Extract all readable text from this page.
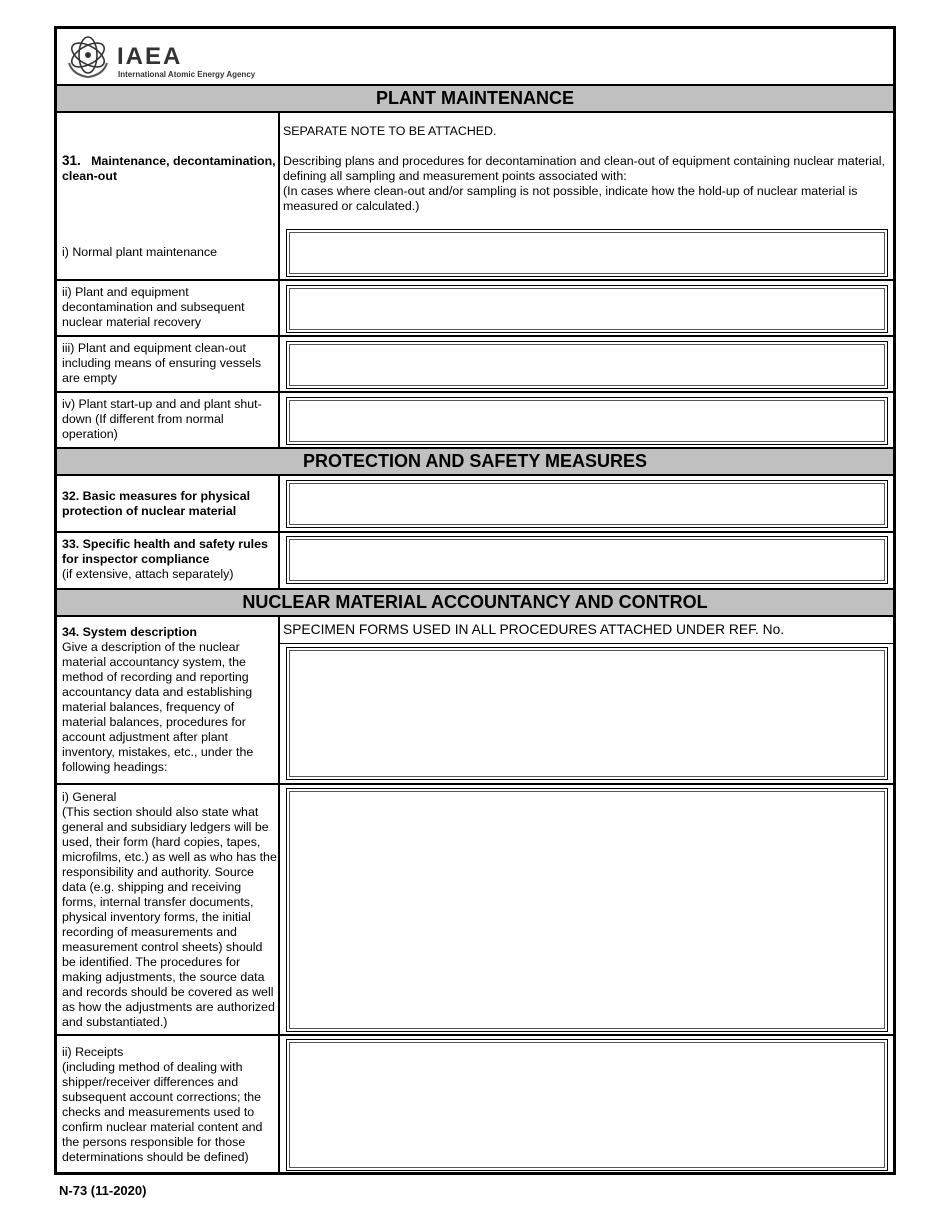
IAEA
International Atomic Energy Agency
PLANT MAINTENANCE
31. Maintenance, decontamination, clean-out
SEPARATE NOTE TO BE ATTACHED.
Describing plans and procedures for decontamination and clean-out of equipment containing nuclear material, defining all sampling and measurement points associated with:
(In cases where clean-out and/or sampling is not possible, indicate how the hold-up of nuclear material is measured or calculated.)
i) Normal plant maintenance
ii) Plant and equipment decontamination and subsequent nuclear material recovery
iii) Plant and equipment clean-out including means of ensuring vessels are empty
iv) Plant start-up and and plant shut-down (If different from normal operation)
PROTECTION AND SAFETY MEASURES
32. Basic measures for physical protection of nuclear material
33. Specific health and safety rules for inspector compliance
(if extensive, attach separately)
NUCLEAR MATERIAL ACCOUNTANCY AND CONTROL
34. System description
Give a description of the nuclear material accountancy system, the method of recording and reporting accountancy data and establishing material balances, frequency of material balances, procedures for account adjustment after plant inventory, mistakes, etc., under the following headings:
SPECIMEN FORMS USED IN ALL PROCEDURES ATTACHED UNDER REF. No.
i) General
(This section should also state what general and subsidiary ledgers will be used, their form (hard copies, tapes, microfilms, etc.) as well as who has the responsibility and authority. Source data (e.g. shipping and receiving forms, internal transfer documents, physical inventory forms, the initial recording of measurements and measurement control sheets) should be identified. The procedures for making adjustments, the source data and records should be covered as well as how the adjustments are authorized and substantiated.)
ii) Receipts
(including method of dealing with shipper/receiver differences and subsequent account corrections; the checks and measurements used to confirm nuclear material content and the persons responsible for those determinations should be defined)
N-73 (11-2020)
